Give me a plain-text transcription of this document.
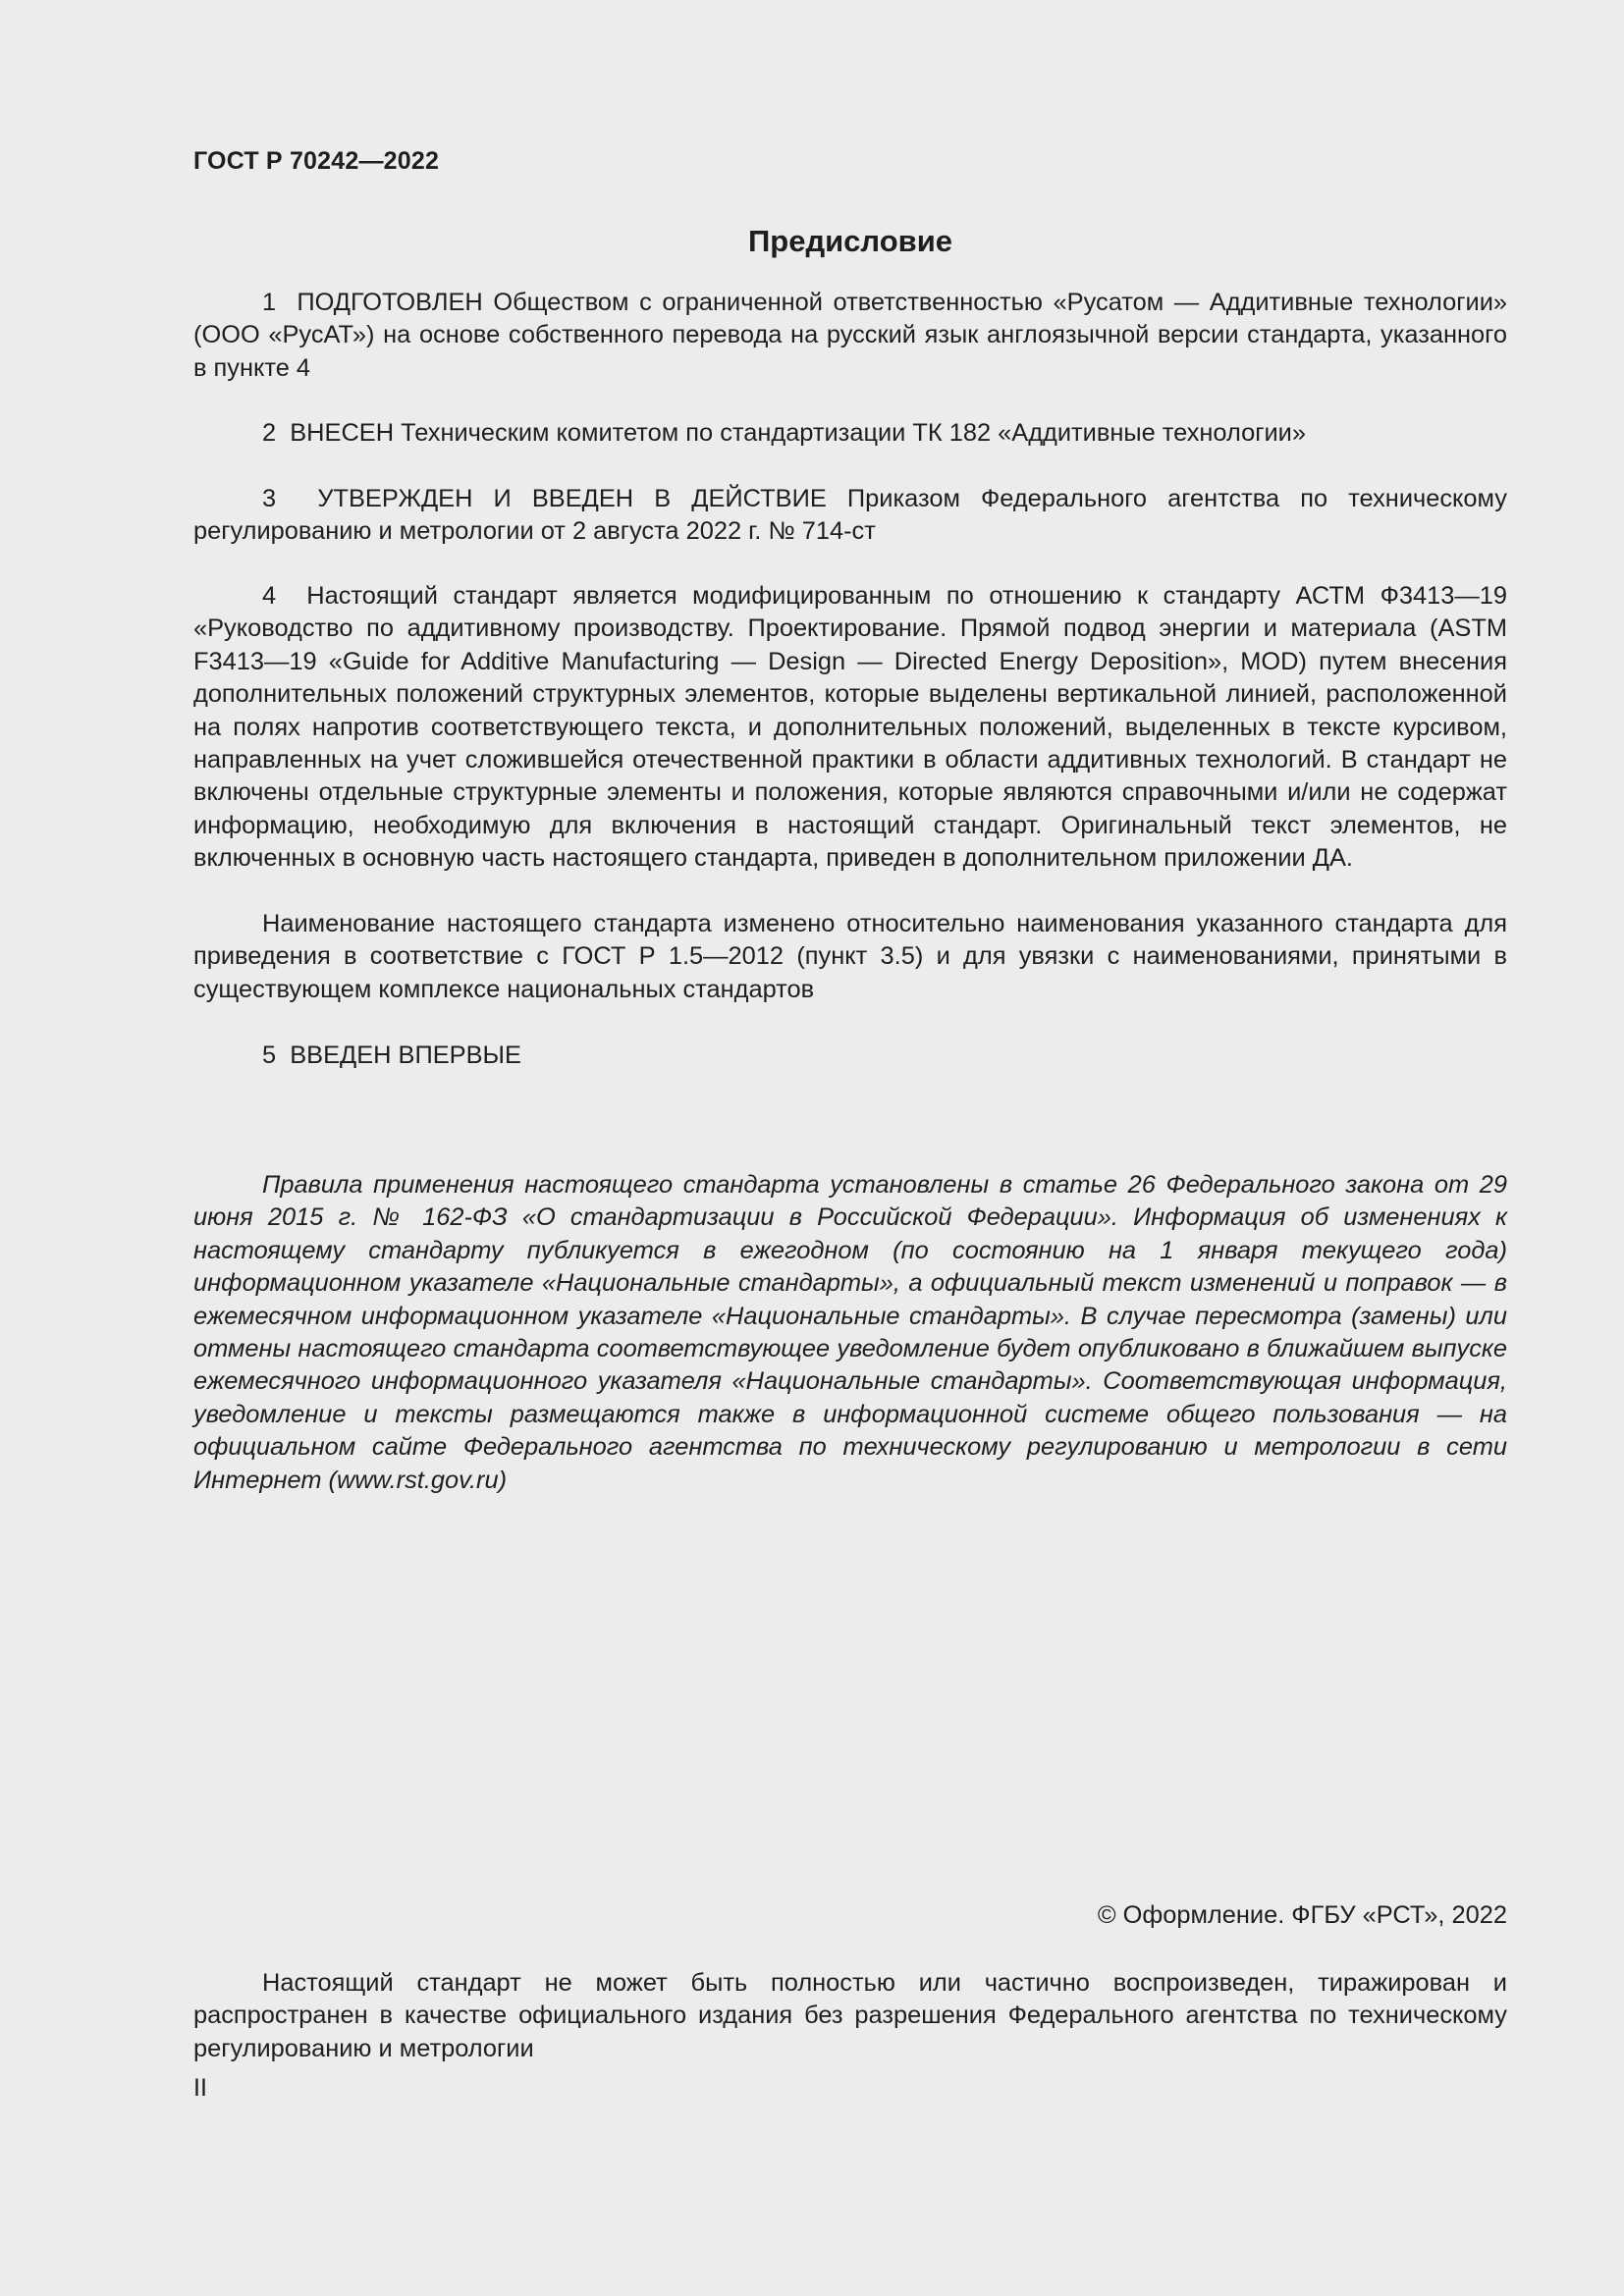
ГОСТ Р 70242—2022
Предисловие

1 ПОДГОТОВЛЕН Обществом с ограниченной ответственностью «Русатом — Аддитивные технологии» (ООО «РусАТ») на основе собственного перевода на русский язык англоязычной версии стандарта, указанного в пункте 4

2 ВНЕСЕН Техническим комитетом по стандартизации ТК 182 «Аддитивные технологии»

3 УТВЕРЖДЕН И ВВЕДЕН В ДЕЙСТВИЕ Приказом Федерального агентства по техническому регулированию и метрологии от 2 августа 2022 г. № 714-ст

4 Настоящий стандарт является модифицированным по отношению к стандарту АСТМ Ф3413—19 «Руководство по аддитивному производству. Проектирование. Прямой подвод энергии и материала (ASTM F3413—19 «Guide for Additive Manufacturing — Design — Directed Energy Deposition», MOD) путем внесения дополнительных положений структурных элементов, которые выделены вертикальной линией, расположенной на полях напротив соответствующего текста, и дополнительных положений, выделенных в тексте курсивом, направленных на учет сложившейся отечественной практики в области аддитивных технологий. В стандарт не включены отдельные структурные элементы и положения, которые являются справочными и/или не содержат информацию, необходимую для включения в настоящий стандарт. Оригинальный текст элементов, не включенных в основную часть настоящего стандарта, приведен в дополнительном приложении ДА.

Наименование настоящего стандарта изменено относительно наименования указанного стандарта для приведения в соответствие с ГОСТ Р 1.5—2012 (пункт 3.5) и для увязки с наименованиями, принятыми в существующем комплексе национальных стандартов

5 ВВЕДЕН ВПЕРВЫЕ

Правила применения настоящего стандарта установлены в статье 26 Федерального закона от 29 июня 2015 г. № 162-ФЗ «О стандартизации в Российской Федерации». Информация об изменениях к настоящему стандарту публикуется в ежегодном (по состоянию на 1 января текущего года) информационном указателе «Национальные стандарты», а официальный текст изменений и поправок — в ежемесячном информационном указателе «Национальные стандарты». В случае пересмотра (замены) или отмены настоящего стандарта соответствующее уведомление будет опубликовано в ближайшем выпуске ежемесячного информационного указателя «Национальные стандарты». Соответствующая информация, уведомление и тексты размещаются также в информационной системе общего пользования — на официальном сайте Федерального агентства по техническому регулированию и метрологии в сети Интернет (www.rst.gov.ru)

© Оформление. ФГБУ «РСТ», 2022

Настоящий стандарт не может быть полностью или частично воспроизведен, тиражирован и распространен в качестве официального издания без разрешения Федерального агентства по техническому регулированию и метрологии

II
